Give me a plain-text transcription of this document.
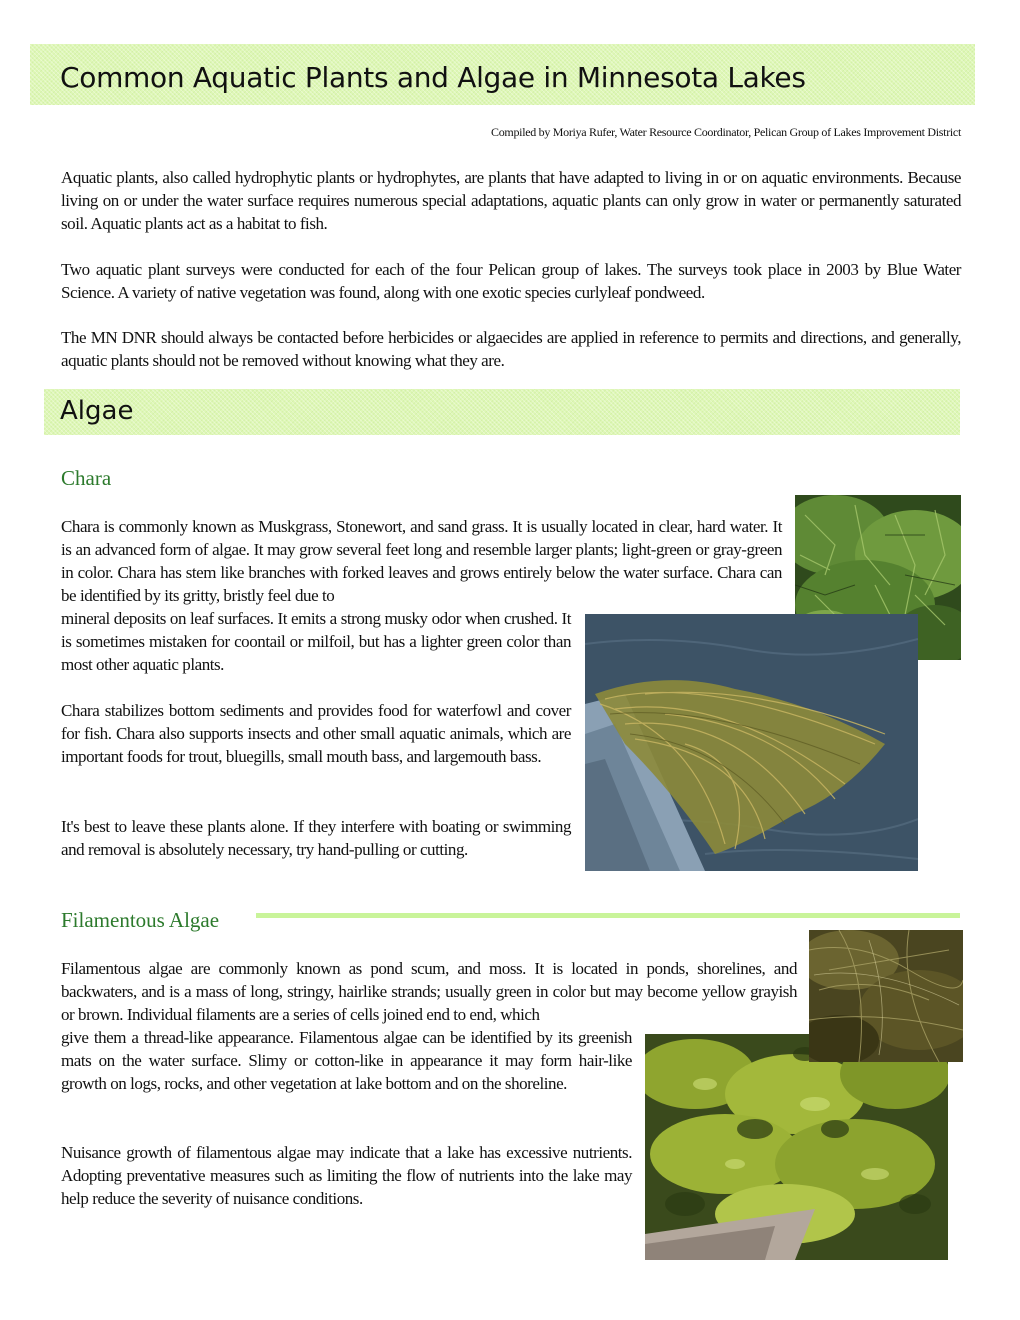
Common Aquatic Plants and Algae in Minnesota Lakes
Compiled by Moriya Rufer, Water Resource Coordinator, Pelican Group of Lakes Improvement District

Aquatic plants, also called hydrophytic plants or hydrophytes, are plants that have adapted to living in or on aquatic environments. Because living on or under the water surface requires numerous special adaptations, aquatic plants can only grow in water or permanently saturated soil. Aquatic plants act as a habitat to fish.

Two aquatic plant surveys were conducted for each of the four Pelican group of lakes. The surveys took place in 2003 by Blue Water Science. A variety of native vegetation was found, along with one exotic species curlyleaf pondweed.

The MN DNR should always be contacted before herbicides or algaecides are applied in reference to permits and directions, and generally, aquatic plants should not be removed without knowing what they are.

Algae
Chara

Chara is commonly known as Muskgrass, Stonewort, and sand grass. It is usually located in clear, hard water. It is an advanced form of algae. It may grow several feet long and resemble larger plants; light-green or gray-green in color. Chara has stem like branches with forked leaves and grows entirely below the water surface. Chara can be identified by its gritty, bristly feel due to

mineral deposits on leaf surfaces. It emits a strong musky odor when crushed. It is sometimes mistaken for coontail or milfoil, but has a lighter green color than most other aquatic plants.

Chara stabilizes bottom sediments and provides food for waterfowl and cover for fish. Chara also supports insects and other small aquatic animals, which are important foods for trout, bluegills, small mouth bass, and largemouth bass.

It's best to leave these plants alone. If they interfere with boating or swimming and removal is absolutely necessary, try hand-pulling or cutting.

Filamentous Algae

Filamentous algae are commonly known as pond scum, and moss. It is located in ponds, shorelines, and backwaters, and is a mass of long, stringy, hairlike strands; usually green in color but may become yellow grayish or brown. Individual filaments are a series of cells joined end to end, which

give them a thread-like appearance. Filamentous algae can be identified by its greenish mats on the water surface. Slimy or cotton-like in appearance it may form hair-like growth on logs, rocks, and other vegetation at lake bottom and on the shoreline.

Nuisance growth of filamentous algae may indicate that a lake has excessive nutrients. Adopting preventative measures such as limiting the flow of nutrients into the lake may help reduce the severity of nuisance conditions.
